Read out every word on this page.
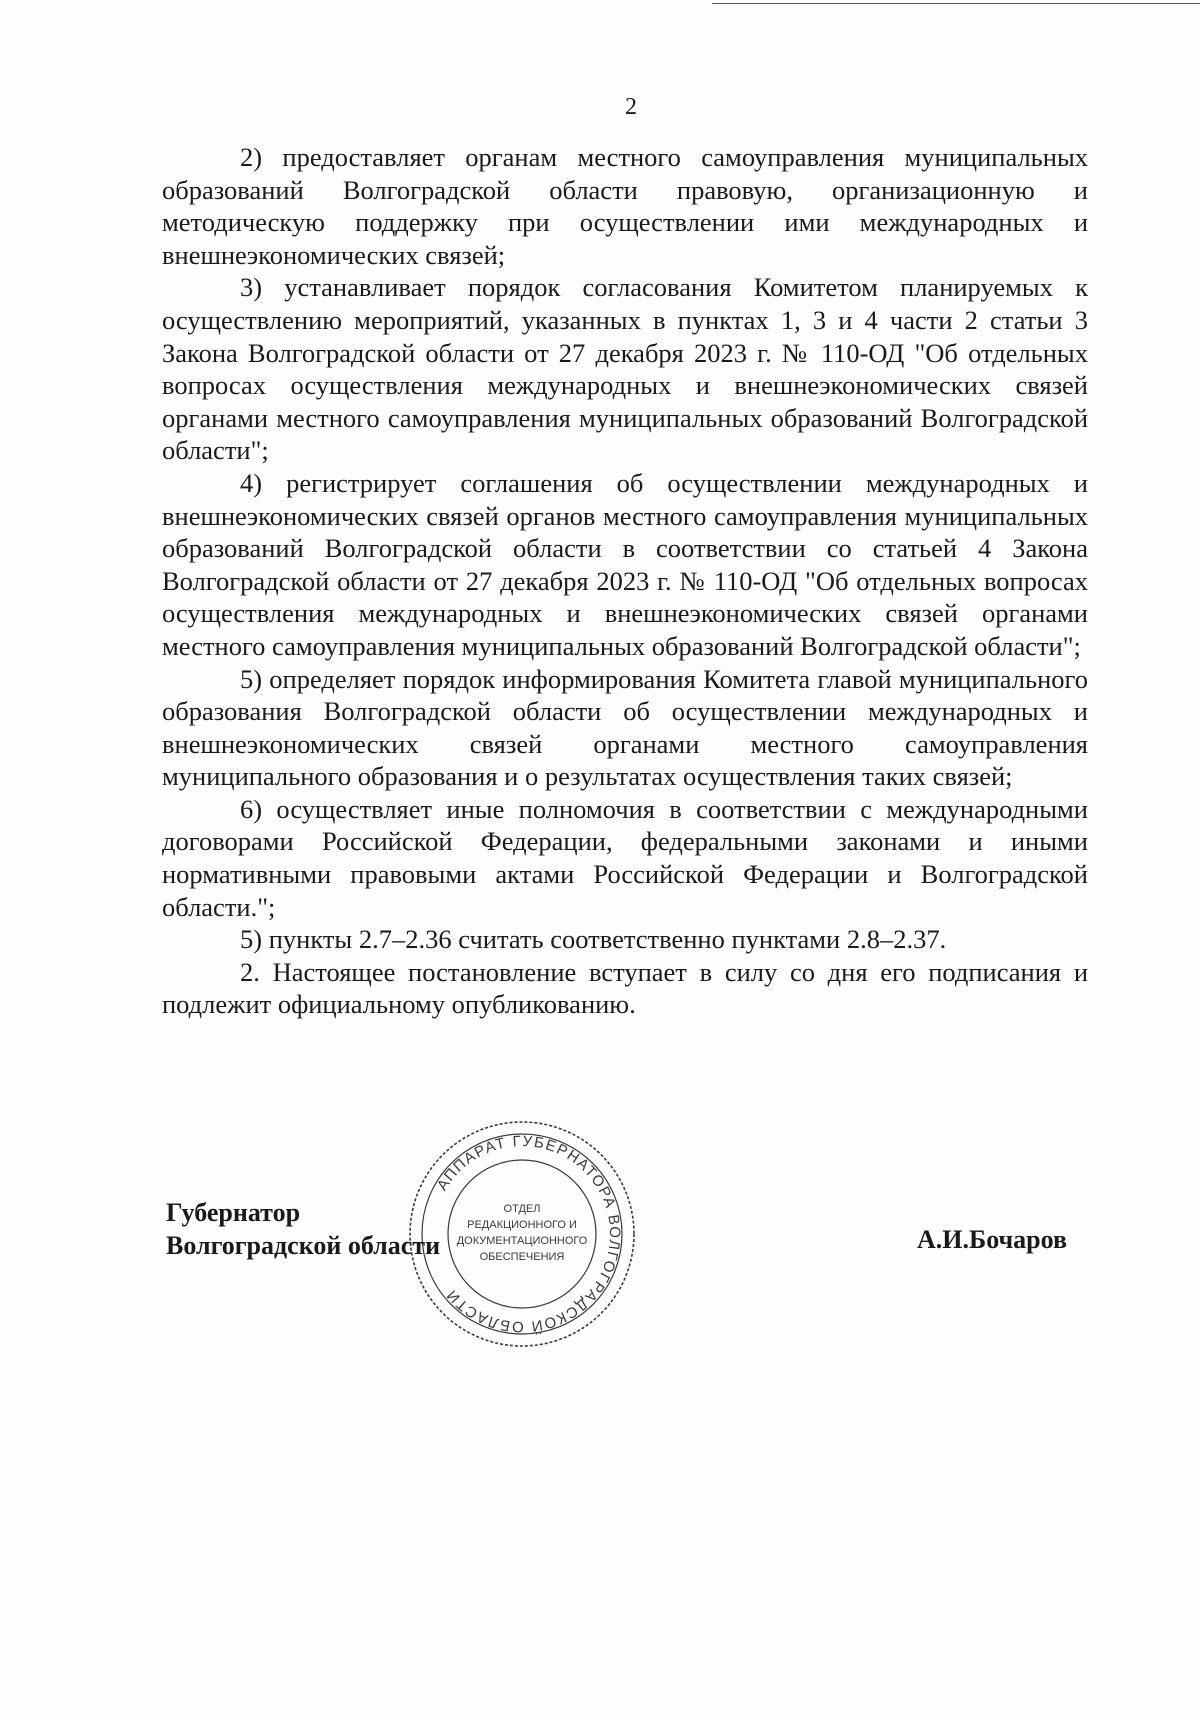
2

2) предоставляет органам местного самоуправления муниципальных образований Волгоградской области правовую, организационную и методическую поддержку при осуществлении ими международных и внешнеэкономических связей;

3) устанавливает порядок согласования Комитетом планируемых к осуществлению мероприятий, указанных в пунктах 1, 3 и 4 части 2 статьи 3 Закона Волгоградской области от 27 декабря 2023 г. № 110-ОД "Об отдельных вопросах осуществления международных и внешнеэкономических связей органами местного самоуправления муниципальных образований Волгоградской области";

4) регистрирует соглашения об осуществлении международных и внешнеэкономических связей органов местного самоуправления муниципальных образований Волгоградской области в соответствии со статьей 4 Закона Волгоградской области от 27 декабря 2023 г. № 110-ОД "Об отдельных вопросах осуществления международных и внешнеэкономических связей органами местного самоуправления муниципальных образований Волгоградской области";

5) определяет порядок информирования Комитета главой муниципального образования Волгоградской области об осуществлении международных и внешнеэкономических связей органами местного самоуправления муниципального образования и о результатах осуществления таких связей;

6) осуществляет иные полномочия в соответствии с международными договорами Российской Федерации, федеральными законами и иными нормативными правовыми актами Российской Федерации и Волгоградской области.";

5) пункты 2.7–2.36 считать соответственно пунктами 2.8–2.37.

2. Настоящее постановление вступает в силу со дня его подписания и подлежит официальному опубликованию.

АППАРАТ ГУБЕРНАТОРА ВОЛГОГРАДСКОЙ ОБЛАСТИ
ОТДЕЛ
РЕДАКЦИОННОГО И
ДОКУМЕНТАЦИОННОГО
ОБЕСПЕЧЕНИЯ
Губернатор
Волгоградской области	А.И.Бочаров
